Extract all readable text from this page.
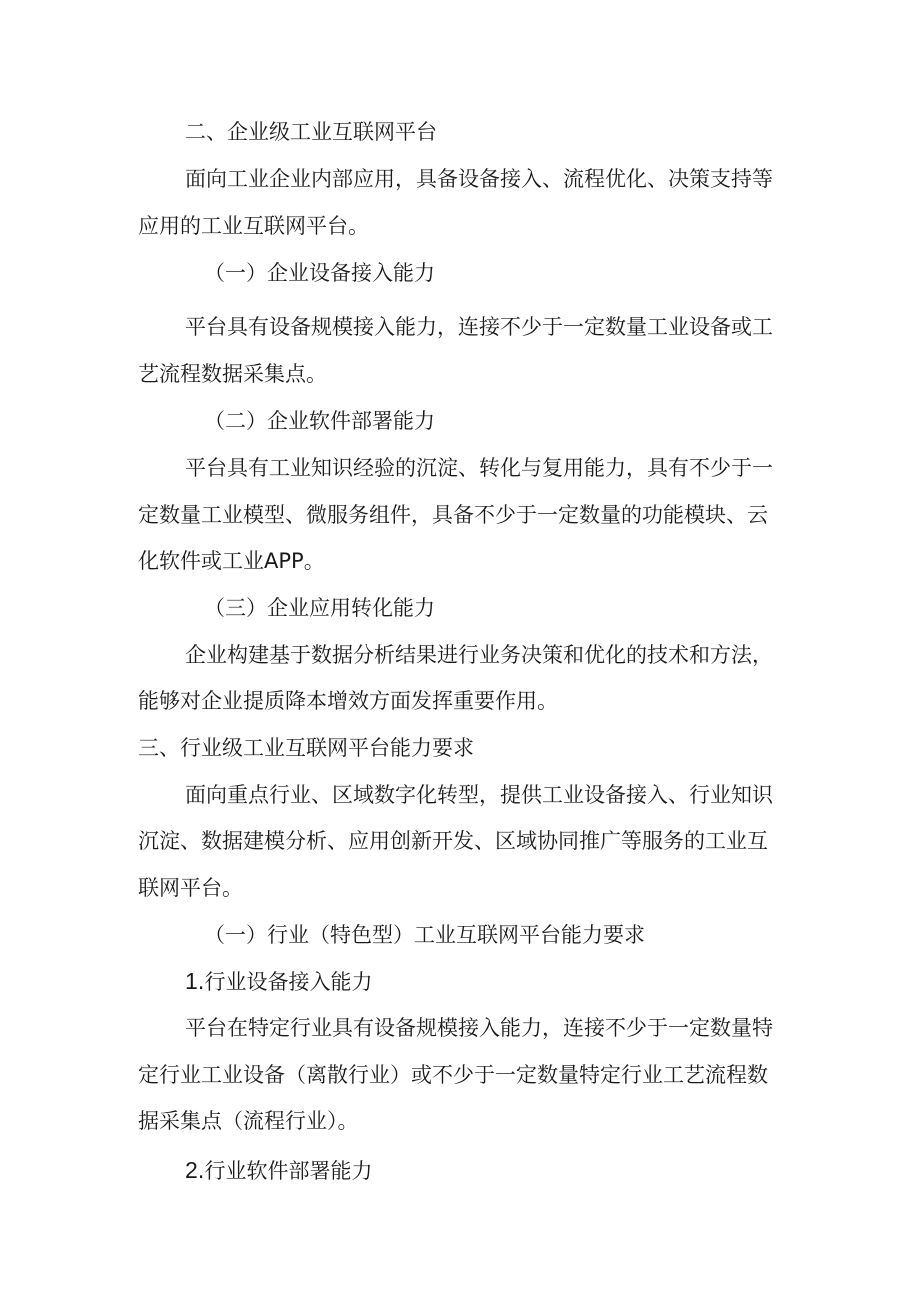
二、企业级工业互联网平台
面向工业企业内部应用，具备设备接入、流程优化、决策支持等
应用的工业互联网平台。
（一）企业设备接入能力
平台具有设备规模接入能力，连接不少于一定数量工业设备或工
艺流程数据采集点。
（二）企业软件部署能力
平台具有工业知识经验的沉淀、转化与复用能力，具有不少于一
定数量工业模型、微服务组件，具备不少于一定数量的功能模块、云
化软件或工业APP。
（三）企业应用转化能力
企业构建基于数据分析结果进行业务决策和优化的技术和方法，
能够对企业提质降本增效方面发挥重要作用。
三、行业级工业互联网平台能力要求
面向重点行业、区域数字化转型，提供工业设备接入、行业知识
沉淀、数据建模分析、应用创新开发、区域协同推广等服务的工业互
联网平台。
（一）行业（特色型）工业互联网平台能力要求
1.行业设备接入能力
平台在特定行业具有设备规模接入能力，连接不少于一定数量特
定行业工业设备（离散行业）或不少于一定数量特定行业工艺流程数
据采集点（流程行业）。
2.行业软件部署能力
